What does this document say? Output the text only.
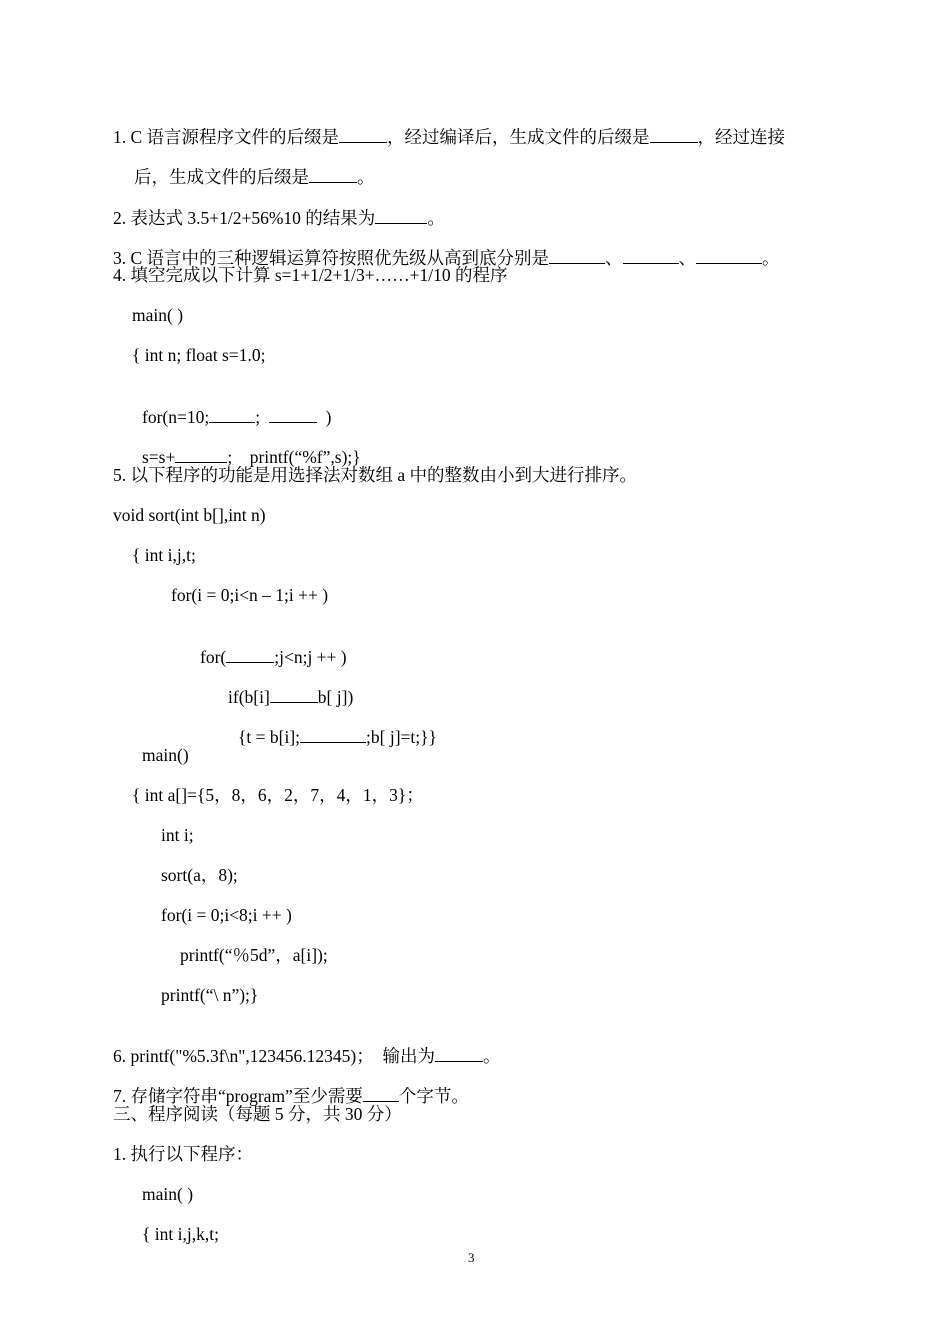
1. C 语言源程序文件的后缀是	，经过编译后，生成文件的后缀是	，经过连接

后，生成文件的后缀是	。

2. 表达式 3.5+1/2+56%10 的结果为	。

3. C 语言中的三种逻辑运算符按照优先级从高到底分别是	、	、	。

4. 填空完成以下计算 s=1+1/2+1/3+……+1/10 的程序
main( )
{ int n; float s=1.0;

for(n=10;	;	)

s=s+	; printf(“%f”,s);}

5. 以下程序的功能是用选择法对数组 a 中的整数由小到大进行排序。
void sort(int b[],int n)
{ int i,j,t;
for(i = 0;i<n – 1;i ++ )

for(	;j<n;j ++ )

if(b[i]	b[ j])

{t = b[i];	;b[ j]=t;}}

main()
{ int a[]={5，8，6，2，7，4，1，3}；
int i;
sort(a，8);
for(i = 0;i<8;i ++ )
printf(“％5d”，a[i]);
printf(“\ n”);}

6. printf("%5.3f\n",123456.12345)；  输出为	。

7. 存储字符串“program”至少需要 个字节。

三、程序阅读（每题 5 分，共 30 分）
1. 执行以下程序：
main( )
{ int i,j,k,t;
3
